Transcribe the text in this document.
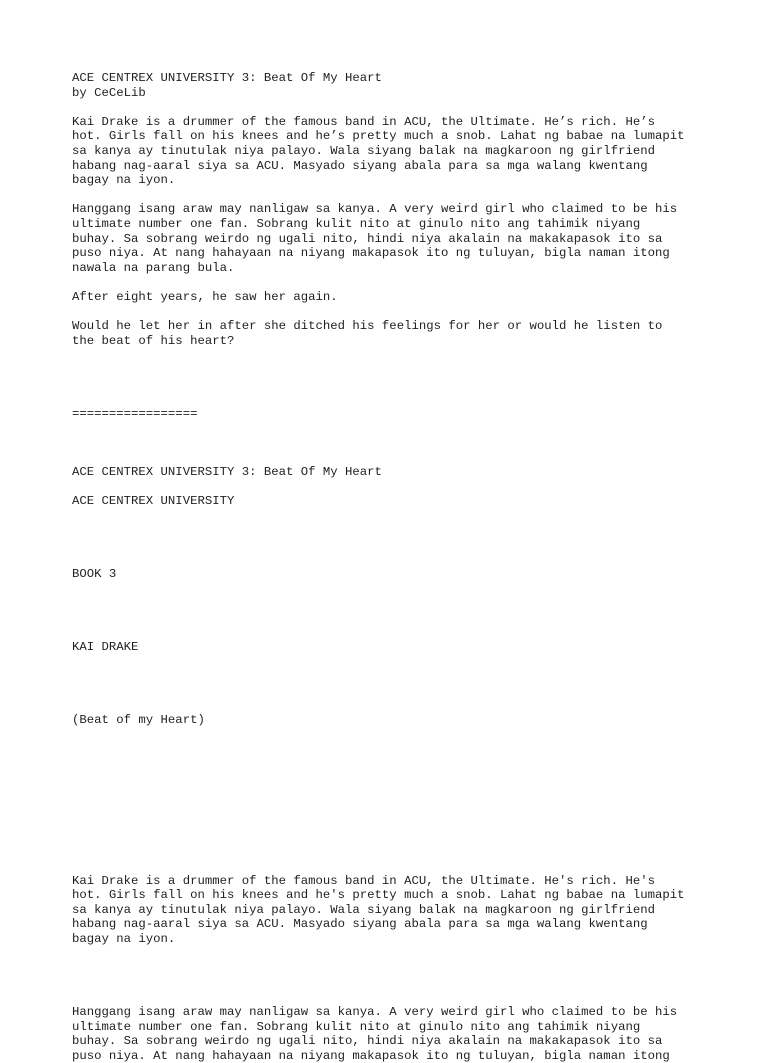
ACE CENTREX UNIVERSITY 3: Beat Of My Heart
by CeCeLib
Kai Drake is a drummer of the famous band in ACU, the Ultimate. He’s rich. He’s
hot. Girls fall on his knees and he’s pretty much a snob. Lahat ng babae na lumapit
sa kanya ay tinutulak niya palayo. Wala siyang balak na magkaroon ng girlfriend
habang nag-aaral siya sa ACU. Masyado siyang abala para sa mga walang kwentang
bagay na iyon.
Hanggang isang araw may nanligaw sa kanya. A very weird girl who claimed to be his
ultimate number one fan. Sobrang kulit nito at ginulo nito ang tahimik niyang
buhay. Sa sobrang weirdo ng ugali nito, hindi niya akalain na makakapasok ito sa
puso niya. At nang hahayaan na niyang makapasok ito ng tuluyan, bigla naman itong
nawala na parang bula.
After eight years, he saw her again.
Would he let her in after she ditched his feelings for her or would he listen to
the beat of his heart?
=================
ACE CENTREX UNIVERSITY 3: Beat Of My Heart
ACE CENTREX UNIVERSITY
BOOK 3
KAI DRAKE
(Beat of my Heart)
Kai Drake is a drummer of the famous band in ACU, the Ultimate. He's rich. He's
hot. Girls fall on his knees and he's pretty much a snob. Lahat ng babae na lumapit
sa kanya ay tinutulak niya palayo. Wala siyang balak na magkaroon ng girlfriend
habang nag-aaral siya sa ACU. Masyado siyang abala para sa mga walang kwentang
bagay na iyon.
Hanggang isang araw may nanligaw sa kanya. A very weird girl who claimed to be his
ultimate number one fan. Sobrang kulit nito at ginulo nito ang tahimik niyang
buhay. Sa sobrang weirdo ng ugali nito, hindi niya akalain na makakapasok ito sa
puso niya. At nang hahayaan na niyang makapasok ito ng tuluyan, bigla naman itong
